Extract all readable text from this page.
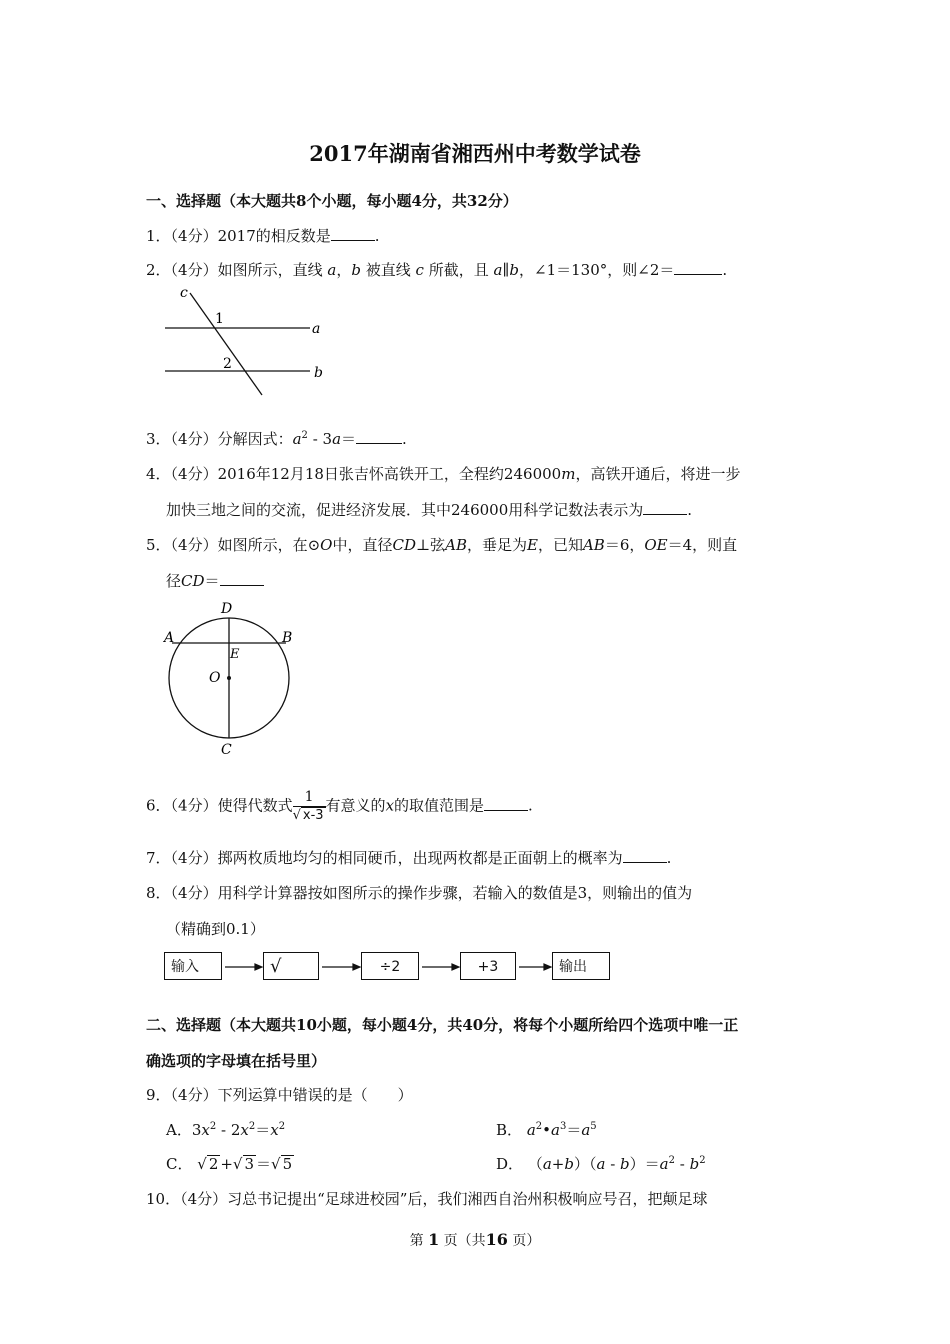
2017年湖南省湘西州中考数学试卷
一、选择题（本大题共8个小题，每小题4分，共32分）
1．（4分）2017的相反数是	.
2．（4分）如图所示，直线 a，b 被直线 c 所截，且 a∥b，∠1＝130°，则∠2＝	.
c
1
a
2
b
3．（4分）分解因式：$a^2 - 3a=$	.
4．（4分）2016年12月18日张吉怀高铁开工，全程约246000m，高铁开通后，将进一步
加快三地之间的交流，促进经济发展．其中246000用科学记数法表示为	.
5．（4分）如图所示，在⊙O中，直径CD⊥弦AB，垂足为E，已知AB＝6，OE＝4，则直
径CD＝
D
A	B
E
O
C
6．（4分）使得代数式 $\frac{1}{√ x-3}$ 有意义的x的取值范围是	.
7．（4分）掷两枚质地均匀的相同硬币，出现两枚都是正面朝上的概率为	.
8．（4分）用科学计算器按如图所示的操作步骤，若输入的数值是3，则输出的值为
（精确到0.1）
输入	√	÷2	+3	输出
二、选择题（本大题共10小题，每小题4分，共40分，将每个小题所给四个选项中唯一正
确选项的字母填在括号里）
9．（4分）下列运算中错误的是（　　）
A．$3x^2 - 2x^2=x^2$	B． $a^2•a^3=a^5$
C． √ 2 +√ 3 ＝√ 5	D． $(a+b)(a - b)=a^2 - b^2$
10．（4分）习总书记提出“足球进校园”后，我们湘西自治州积极响应号召，把颠足球
第 1 页（共16 页）
